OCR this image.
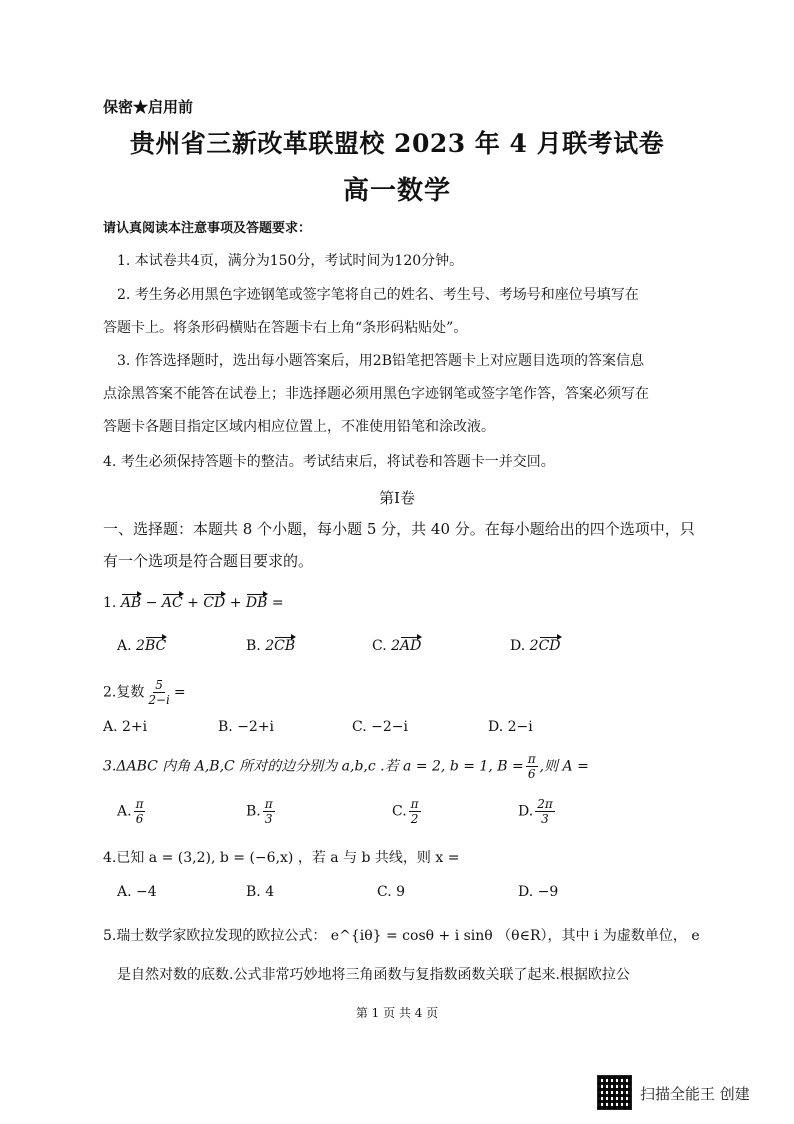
保密★启用前
贵州省三新改革联盟校 2023 年 4 月联考试卷
高一数学
请认真阅读本注意事项及答题要求：
1. 本试卷共4页，满分为150分，考试时间为120分钟。
2. 考生务必用黑色字迹钢笔或签字笔将自己的姓名、考生号、考场号和座位号填写在
答题卡上。将条形码横贴在答题卡右上角“条形码粘贴处”。
3. 作答选择题时，选出每小题答案后，用2B铅笔把答题卡上对应题目选项的答案信息
点涂黑答案不能答在试卷上；非选择题必须用黑色字迹钢笔或签字笔作答，答案必须写在
答题卡各题目指定区域内相应位置上，不准使用铅笔和涂改液。
4. 考生必须保持答题卡的整洁。考试结束后，将试卷和答题卡一并交回。
第I卷
一、选择题：本题共 8 个小题，每小题 5 分，共 40 分。在每小题给出的四个选项中，只
有一个选项是符合题目要求的。
1. AB − AC + CD + DB =
A. 2BC	B. 2CB	C. 2AD	D. 2CD
2.复数 $\frac{5}{2-i}$ =
A. 2+i	B. −2+i	C. −2−i	D. 2−i
3.ΔABC 内角 A,B,C 所对的边分别为 a,b,c .若 a = 2, b = 1, $B = \frac{\pi}{6}$ ,则 A =
A. $\frac{\pi}{6}$	B. $\frac{\pi}{3}$	C. $\frac{\pi}{2}$	D. $\frac{2\pi}{3}$
4.已知 a = (3,2), b = (−6,x) ，若 a 与 b 共线，则 x =
A. −4	B. 4	C. 9	D. −9
5.瑞士数学家欧拉发现的欧拉公式： e^{iθ} = cosθ + i sinθ （θ∈R），其中 i 为虚数单位， e
是自然对数的底数.公式非常巧妙地将三角函数与复指数函数关联了起来.根据欧拉公
第 1 页 共 4 页
扫描全能王 创建
